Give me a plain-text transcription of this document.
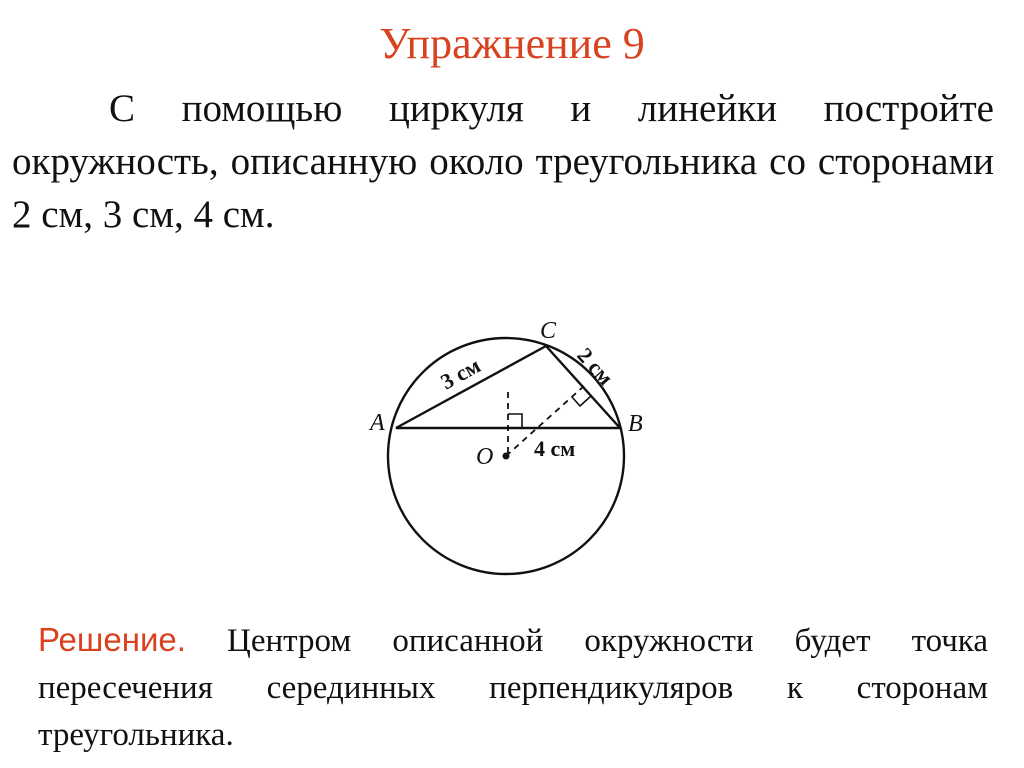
Упражнение 9
С помощью циркуля и линейки постройте окружность, описанную около треугольника со сторонами 2 см, 3 см, 4 см.
A
C
B
O
3 см	2 см
4 см
Решение. Центром описанной окружности будет точка пересечения серединных перпендикуляров к сторонам треугольника.
